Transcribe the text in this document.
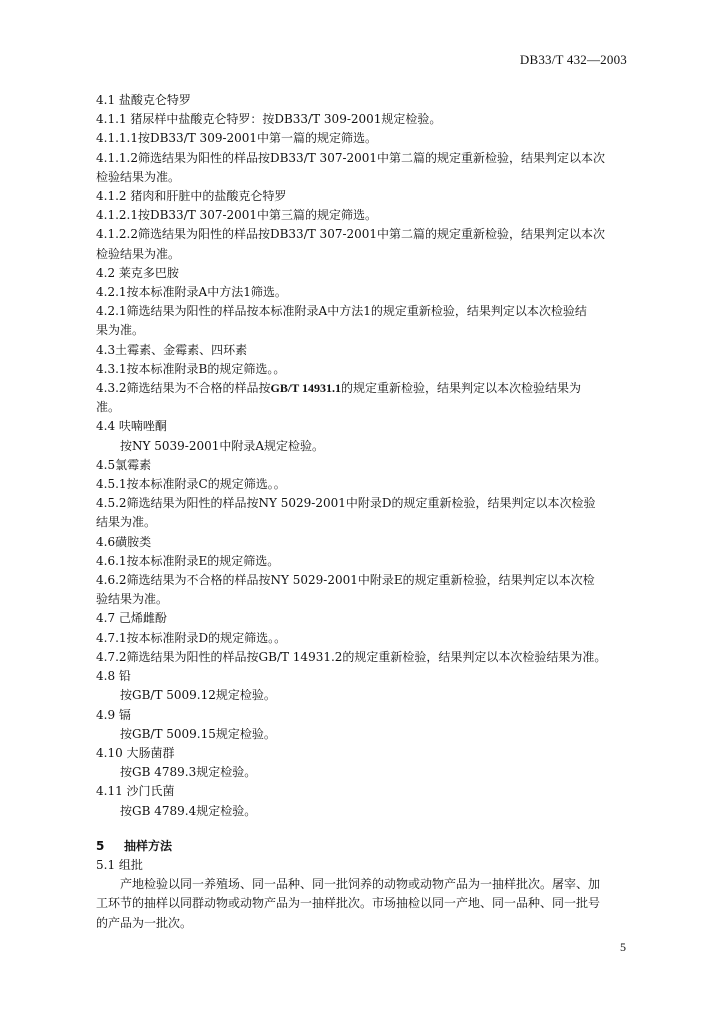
DB33/T 432—2003
4.1 盐酸克仑特罗
4.1.1 猪尿样中盐酸克仑特罗：按DB33/T 309-2001规定检验。
4.1.1.1按DB33/T 309-2001中第一篇的规定筛选。
4.1.1.2筛选结果为阳性的样品按DB33/T 307-2001中第二篇的规定重新检验，结果判定以本次
检验结果为准。
4.1.2 猪肉和肝脏中的盐酸克仑特罗
4.1.2.1按DB33/T 307-2001中第三篇的规定筛选。
4.1.2.2筛选结果为阳性的样品按DB33/T 307-2001中第二篇的规定重新检验，结果判定以本次
检验结果为准。
4.2 莱克多巴胺
4.2.1按本标准附录A中方法1筛选。
4.2.1筛选结果为阳性的样品按本标准附录A中方法1的规定重新检验，结果判定以本次检验结
果为准。
4.3土霉素、金霉素、四环素
4.3.1按本标准附录B的规定筛选。。
4.3.2筛选结果为不合格的样品按GB/T 14931.1的规定重新检验，结果判定以本次检验结果为
准。
4.4 呋喃唑酮
按NY 5039-2001中附录A规定检验。
4.5氯霉素
4.5.1按本标准附录C的规定筛选。。
4.5.2筛选结果为阳性的样品按NY 5029-2001中附录D的规定重新检验，结果判定以本次检验
结果为准。
4.6磺胺类
4.6.1按本标准附录E的规定筛选。
4.6.2筛选结果为不合格的样品按NY 5029-2001中附录E的规定重新检验，结果判定以本次检
验结果为准。
4.7 己烯雌酚
4.7.1按本标准附录D的规定筛选。。
4.7.2筛选结果为阳性的样品按GB/T 14931.2的规定重新检验，结果判定以本次检验结果为准。
4.8 铅
按GB/T 5009.12规定检验。
4.9 镉
按GB/T 5009.15规定检验。
4.10 大肠菌群
按GB 4789.3规定检验。
4.11 沙门氏菌
按GB 4789.4规定检验。
5 抽样方法
5.1 组批
产地检验以同一养殖场、同一品种、同一批饲养的动物或动物产品为一抽样批次。屠宰、加
工环节的抽样以同群动物或动物产品为一抽样批次。市场抽检以同一产地、同一品种、同一批号
的产品为一批次。
5
